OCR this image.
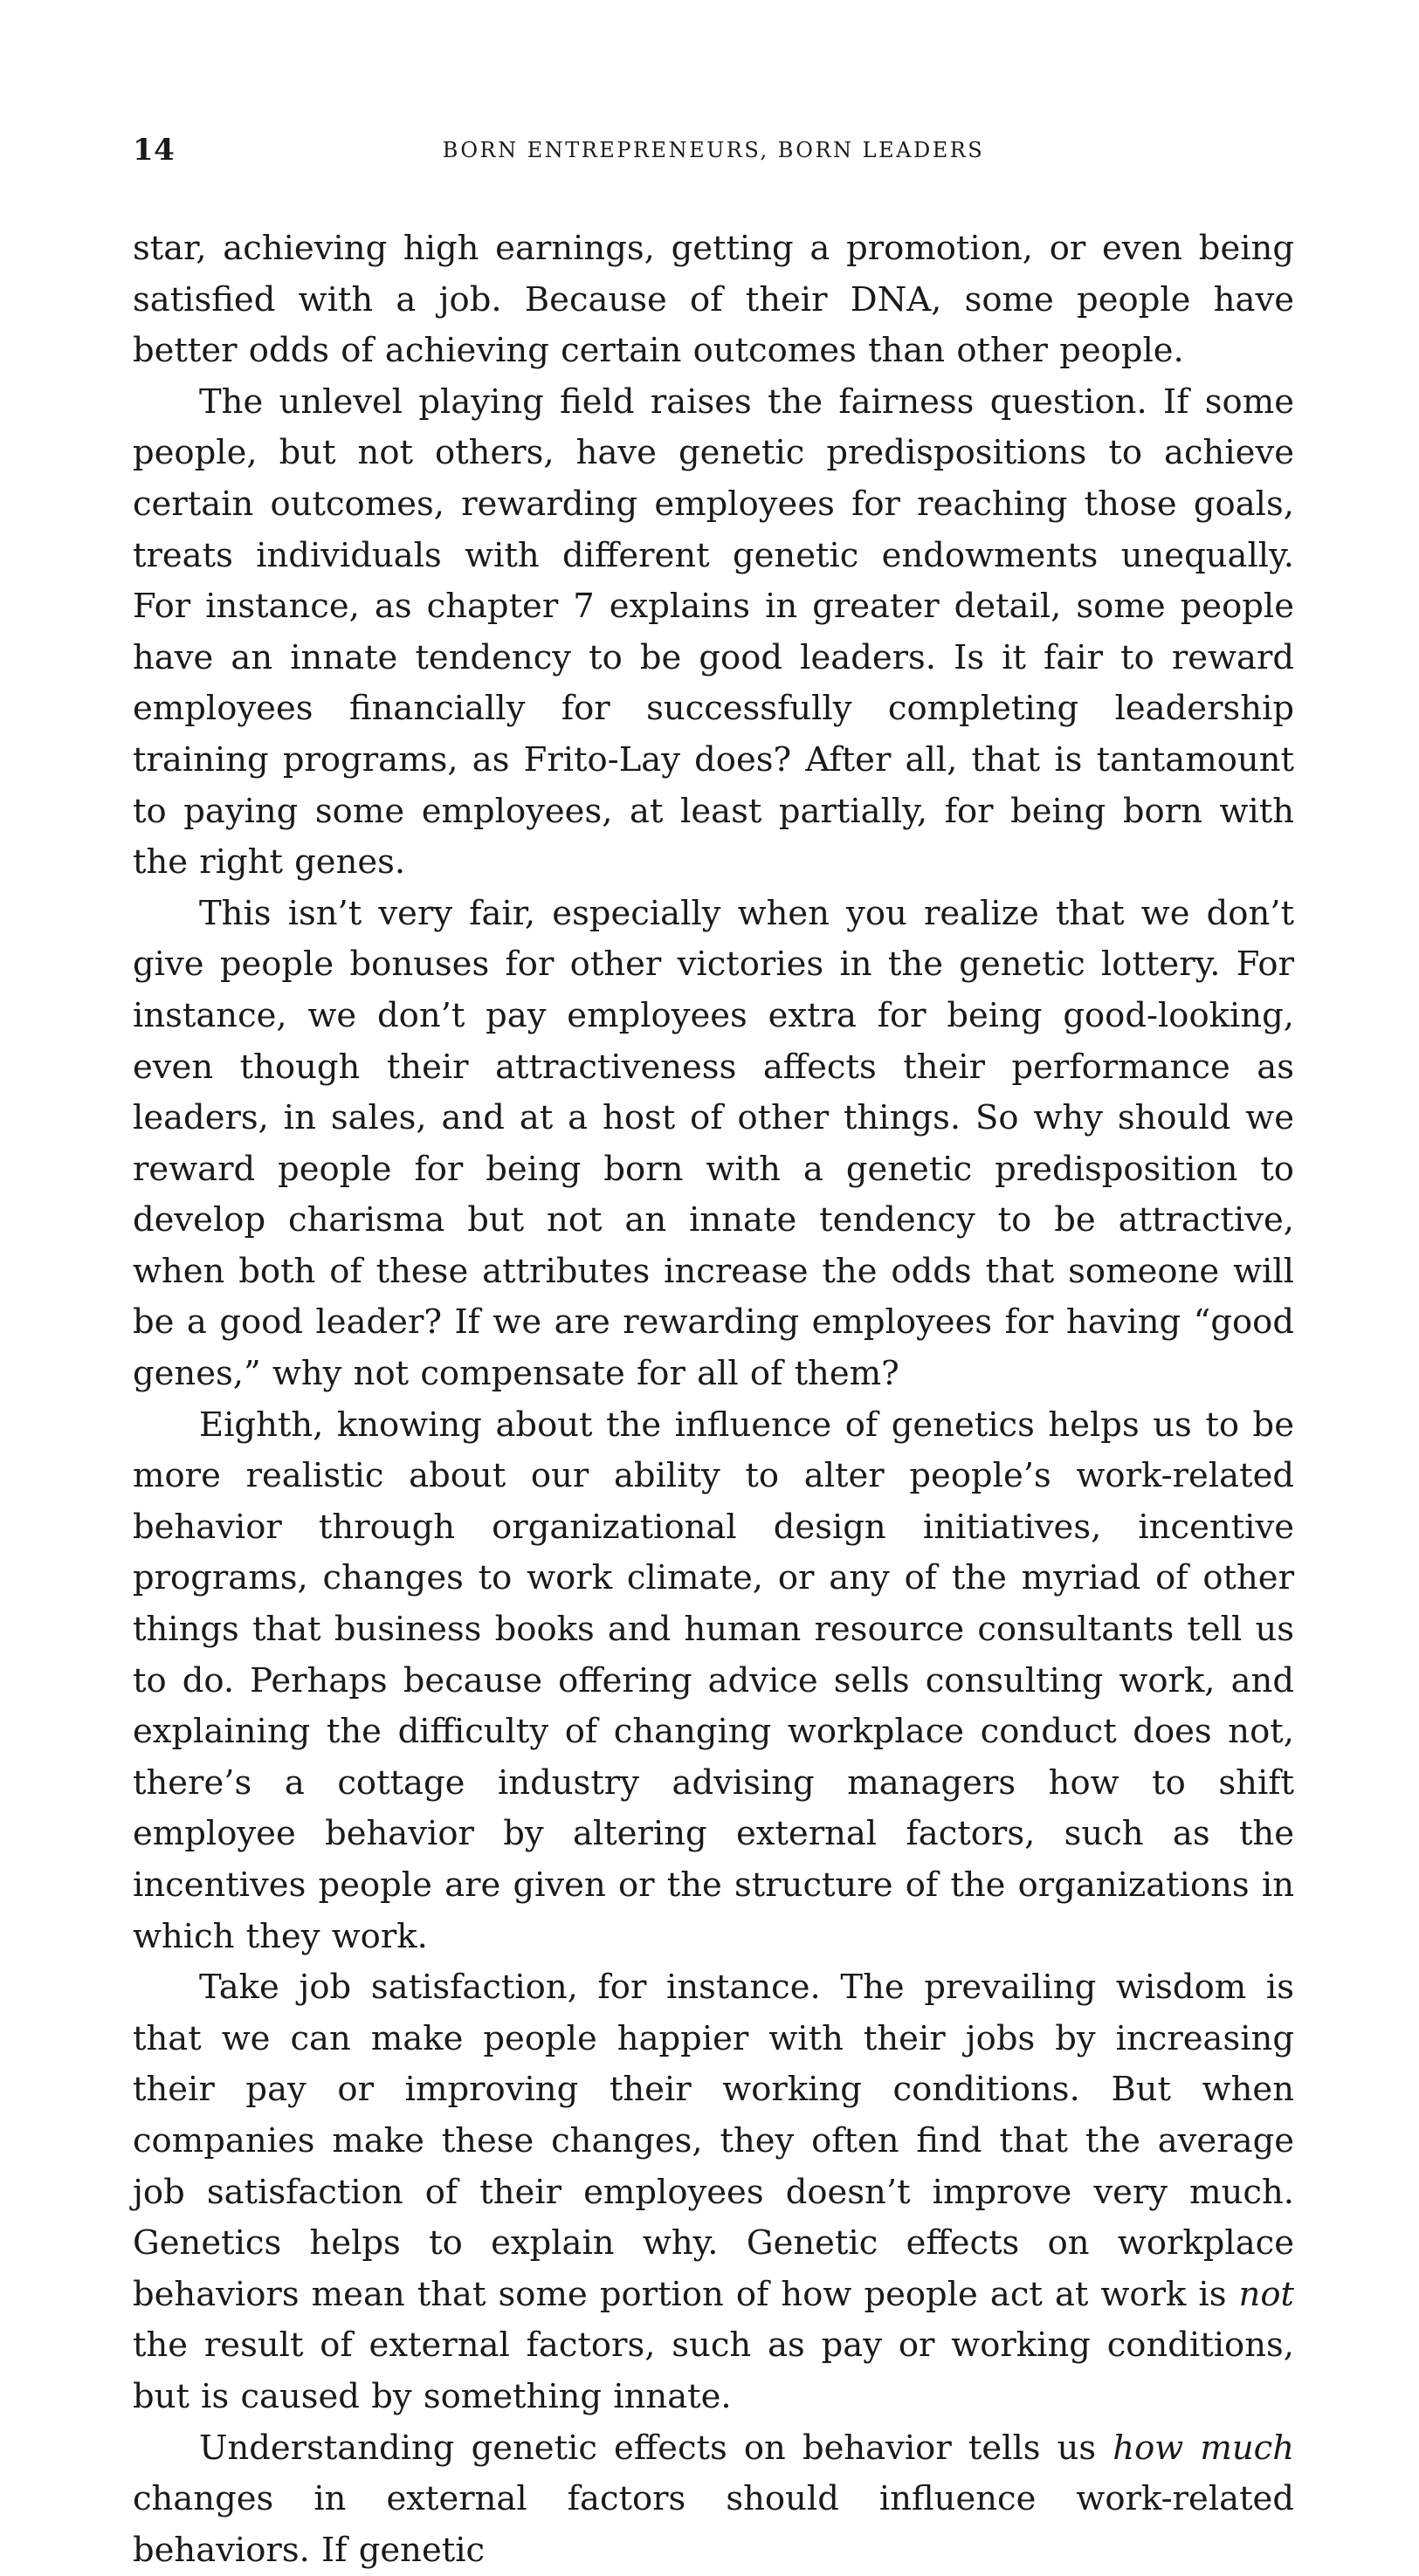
14	BORN ENTREPRENEURS, BORN LEADERS

star, achieving high earnings, getting a promotion, or even being satisfied with a job. Because of their DNA, some people have better odds of achieving certain outcomes than other people.

The unlevel playing field raises the fairness question. If some people, but not others, have genetic predispositions to achieve certain outcomes, rewarding employees for reaching those goals, treats individuals with different genetic endowments unequally. For instance, as chapter 7 explains in greater detail, some people have an innate tendency to be good leaders. Is it fair to reward employees financially for successfully completing leadership training programs, as Frito-Lay does? After all, that is tantamount to paying some employees, at least partially, for being born with the right genes.

This isn’t very fair, especially when you realize that we don’t give people bonuses for other victories in the genetic lottery. For instance, we don’t pay employees extra for being good-looking, even though their attractiveness affects their performance as leaders, in sales, and at a host of other things. So why should we reward people for being born with a genetic predisposition to develop charisma but not an innate tendency to be attractive, when both of these attributes increase the odds that someone will be a good leader? If we are rewarding employees for having “good genes,” why not compensate for all of them?

Eighth, knowing about the influence of genetics helps us to be more realistic about our ability to alter people’s work-related behavior through organizational design initiatives, incentive programs, changes to work climate, or any of the myriad of other things that business books and human resource consultants tell us to do. Perhaps because offering advice sells consulting work, and explaining the difficulty of changing workplace conduct does not, there’s a cottage industry advising managers how to shift employee behavior by altering external factors, such as the incentives people are given or the structure of the organizations in which they work.

Take job satisfaction, for instance. The prevailing wisdom is that we can make people happier with their jobs by increasing their pay or improving their working conditions. But when companies make these changes, they often find that the average job satisfaction of their employees doesn’t improve very much. Genetics helps to explain why. Genetic effects on workplace behaviors mean that some portion of how people act at work is not the result of external factors, such as pay or working conditions, but is caused by something innate.

Understanding genetic effects on behavior tells us how much changes in external factors should influence work-related behaviors. If genetic
